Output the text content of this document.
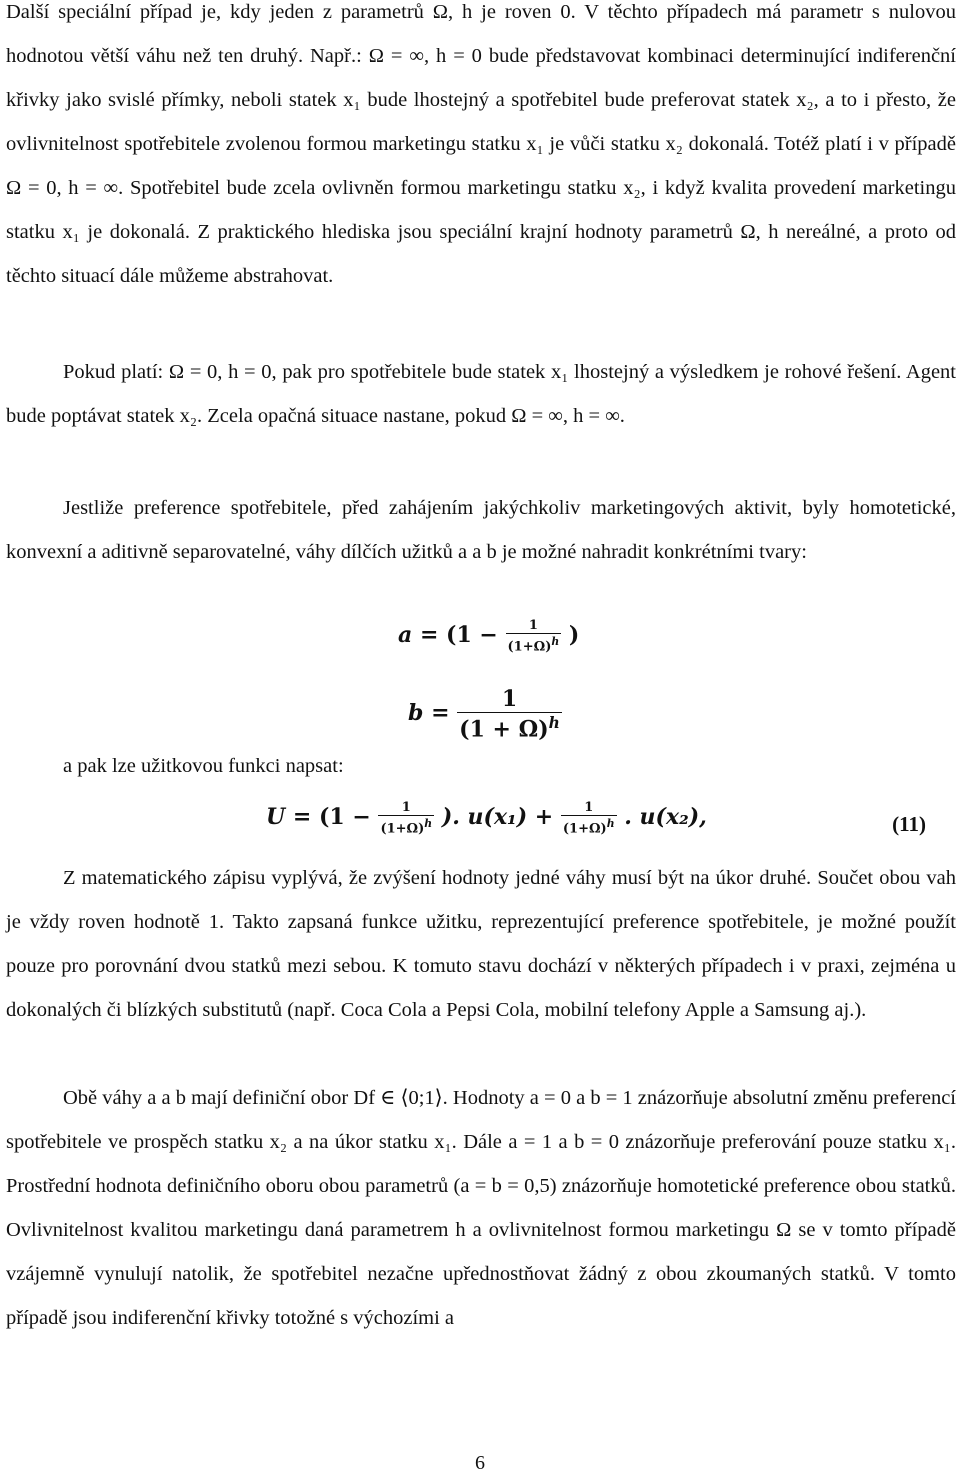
Další speciální případ je, kdy jeden z parametrů Ω, h je roven 0. V těchto případech má parametr s nulovou hodnotou větší váhu než ten druhý. Např.: Ω = ∞, h = 0 bude představovat kombinaci determinující indiferenční křivky jako svislé přímky, neboli statek x₁ bude lhostejný a spotřebitel bude preferovat statek x₂, a to i přesto, že ovlivnitelnost spotřebitele zvolenou formou marketingu statku x₁ je vůči statku x₂ dokonalá. Totéž platí i v případě Ω = 0, h = ∞. Spotřebitel bude zcela ovlivněn formou marketingu statku x₂, i když kvalita provedení marketingu statku x₁ je dokonalá. Z praktického hlediska jsou speciální krajní hodnoty parametrů Ω, h nereálné, a proto od těchto situací dále můžeme abstrahovat.

Pokud platí: Ω = 0, h = 0, pak pro spotřebitele bude statek x₁ lhostejný a výsledkem je rohové řešení. Agent bude poptávat statek x₂. Zcela opačná situace nastane, pokud Ω = ∞, h = ∞.

Jestliže preference spotřebitele, před zahájením jakýchkoliv marketingových aktivit, byly homotetické, konvexní a aditivně separovatelné, váhy dílčích užitků a a b je možné nahradit konkrétními tvary:

$a = (1 - \frac{1}{(1+\Omega)^h}$ )
$b = \frac{1}{(1 + \Omega)^h}$
a pak lze užitkovou funkci napsat:
$U = (1 - \frac{1}{(1+\Omega)^h}$ ). $u(x_1) + \frac{1}{(1+\Omega)^h}$ . u(x₂),	(11)

Z matematického zápisu vyplývá, že zvýšení hodnoty jedné váhy musí být na úkor druhé. Součet obou vah je vždy roven hodnotě 1. Takto zapsaná funkce užitku, reprezentující preference spotřebitele, je možné použít pouze pro porovnání dvou statků mezi sebou. K tomuto stavu dochází v některých případech i v praxi, zejména u dokonalých či blízkých substitutů (např. Coca Cola a Pepsi Cola, mobilní telefony Apple a Samsung aj.).

Obě váhy a a b mají definiční obor Df ∈ ⟨0;1⟩. Hodnoty a = 0 a b = 1 znázorňuje absolutní změnu preferencí spotřebitele ve prospěch statku x₂ a na úkor statku x₁. Dále a = 1 a b = 0 znázorňuje preferování pouze statku x₁. Prostřední hodnota definičního oboru obou parametrů (a = b = 0,5) znázorňuje homotetické preference obou statků. Ovlivnitelnost kvalitou marketingu daná parametrem h a ovlivnitelnost formou marketingu Ω se v tomto případě vzájemně vynulují natolik, že spotřebitel nezačne upřednostňovat žádný z obou zkoumaných statků. V tomto případě jsou indiferenční křivky totožné s výchozími a

6
